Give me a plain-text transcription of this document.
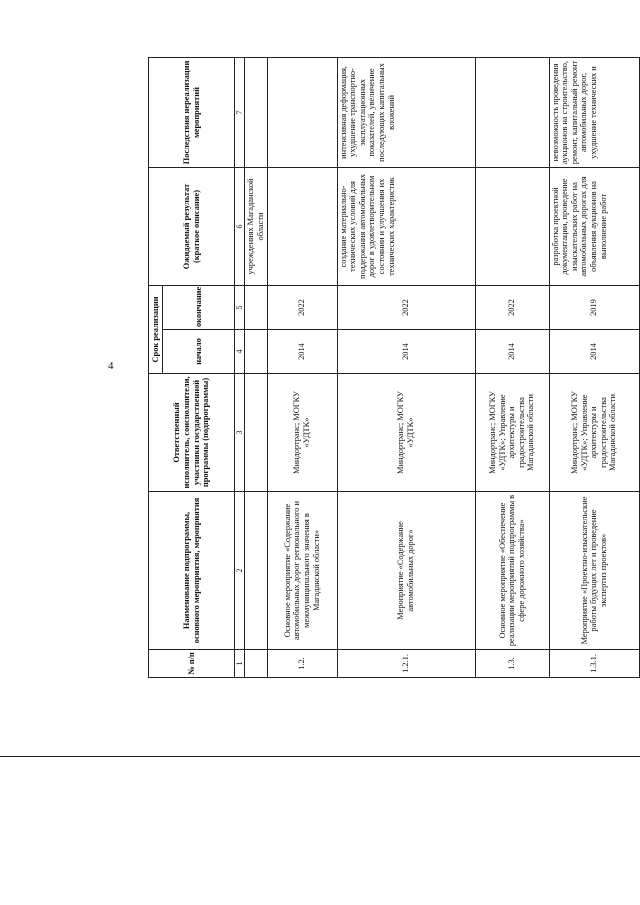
4
№ п/п	Наименование подпрограммы, основного мероприятия, мероприятия	Ответственный исполнитель, соисполнители, участники государственной программы (подпрограммы)	Срок реализации		Ожидаемый результат (краткое описание)	Последствия нереализации мероприятий
			начало	окончание		
1	2	3	4	5	6	7
					учреждениях Магаданской области	
1.2.	Основное мероприятие «Содержание автомобильных дорог регионального и межмуниципального значения в Магаданской области»	Миндортранс; МОГКУ «УДТК»	2014	2022		
1.2.1.	Мероприятие «Содержание автомобильных дорог»	Миндортранс; МОГКУ «УДТК»	2014	2022	создание материально-технических условий для поддержания автомобильных дорог в удовлетворительном состоянии и улучшения их технических характеристик	интенсивная деформация, ухудшение транспортно-эксплуатационных показателей, увеличение последующих капитальных вложений
1.3.	Основное мероприятие «Обеспечение реализации мероприятий подпрограммы в сфере дорожного хозяйства»	Миндортранс; МОГКУ «УДТК»; Управление архитектуры и градостроительства Магаданской области	2014	2022		
1.3.1.	Мероприятие «Проектно-изыскательские работы будущих лет и проведение экспертиз проектов»	Миндортранс; МОГКУ «УДТК»; Управление архитектуры и градостроительства Магаданской области	2014	2019	разработка проектной документации, проведение изыскательских работ на автомобильных дорогах для объявления аукционов на выполнение работ	невозможность проведения аукционов на строительство, ремонт, капитальный ремонт автомобильных дорог, ухудшение технических и
